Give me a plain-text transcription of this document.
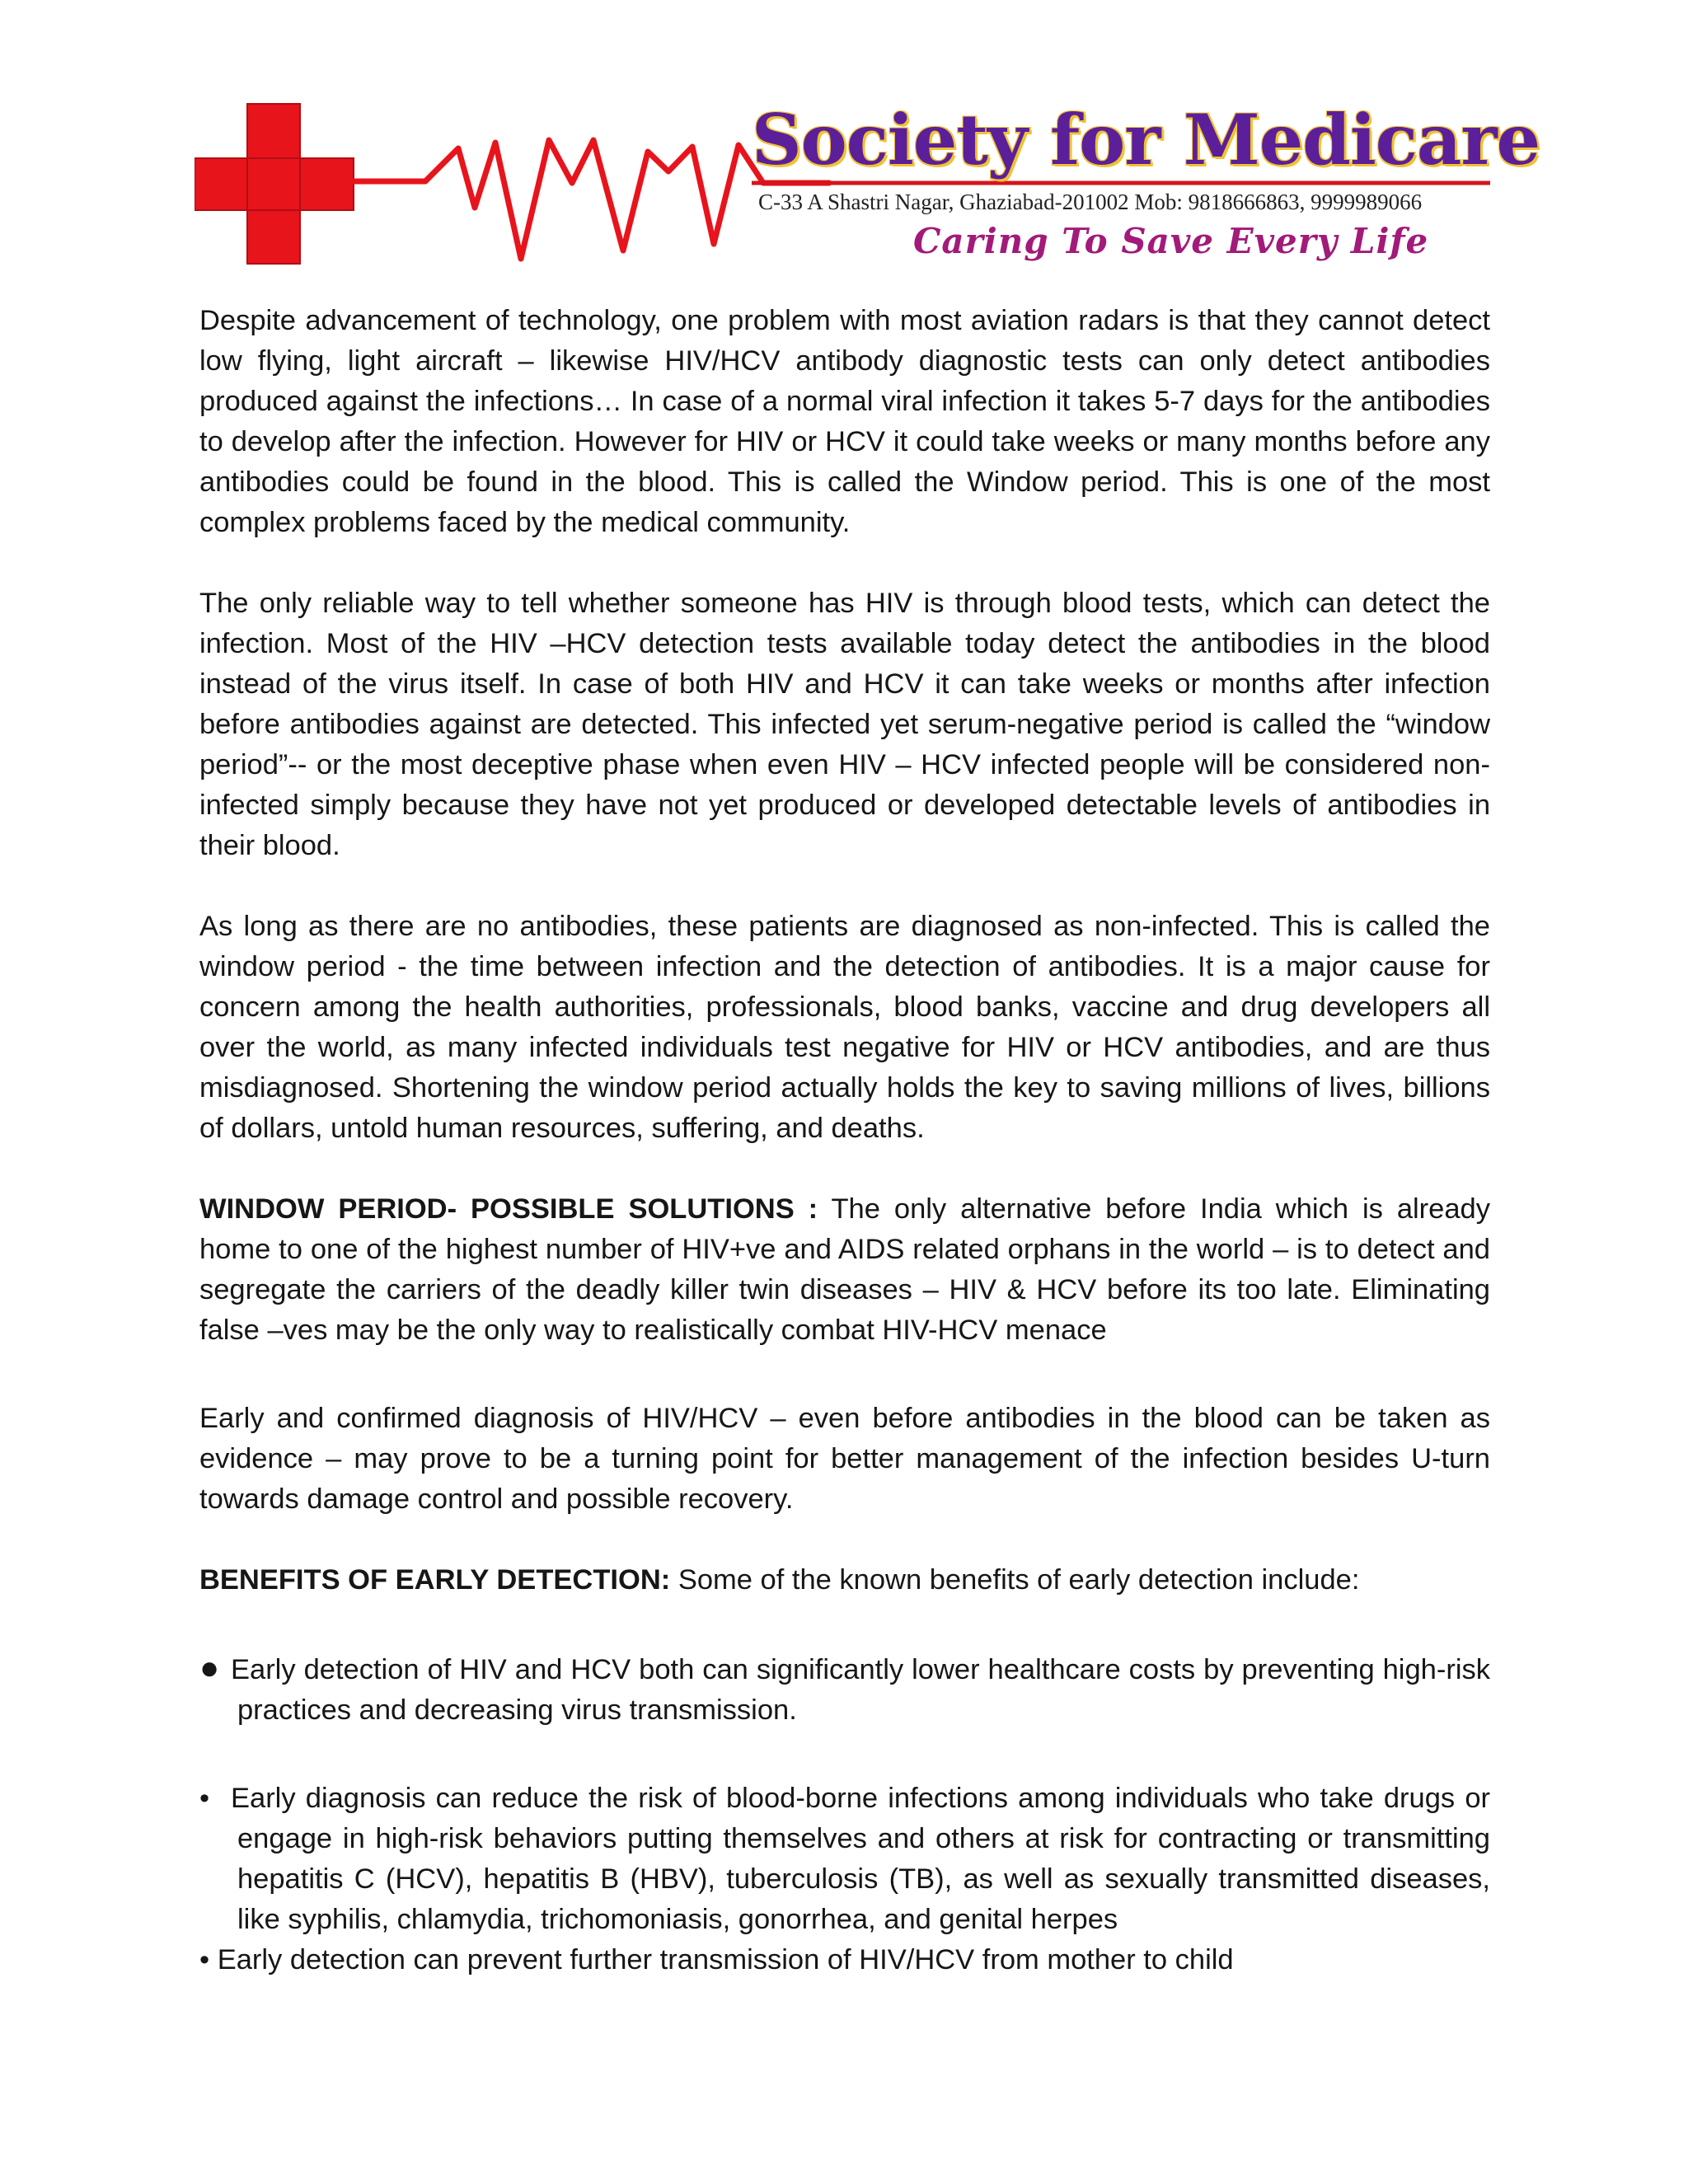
Society for Medicare
C-33 A Shastri Nagar, Ghaziabad-201002 Mob: 9818666863, 9999989066
Caring To Save Every Life

Despite advancement of technology, one problem with most aviation radars is that they cannot detect low flying, light aircraft – likewise HIV/HCV antibody diagnostic tests can only detect antibodies produced against the infections… In case of a normal viral infection it takes 5-7 days for the antibodies to develop after the infection. However for HIV or HCV it could take weeks or many months before any antibodies could be found in the blood. This is called the Window period. This is one of the most complex problems faced by the medical community.

The only reliable way to tell whether someone has HIV is through blood tests, which can detect the infection. Most of the HIV –HCV detection tests available today detect the antibodies in the blood instead of the virus itself. In case of both HIV and HCV it can take weeks or months after infection before antibodies against are detected. This infected yet serum-negative period is called the “window period”-- or the most deceptive phase when even HIV – HCV infected people will be considered non-infected simply because they have not yet produced or developed detectable levels of antibodies in their blood.

As long as there are no antibodies, these patients are diagnosed as non-infected. This is called the window period - the time between infection and the detection of antibodies. It is a major cause for concern among the health authorities, professionals, blood banks, vaccine and drug developers all over the world, as many infected individuals test negative for HIV or HCV antibodies, and are thus misdiagnosed. Shortening the window period actually holds the key to saving millions of lives, billions of dollars, untold human resources, suffering, and deaths.

WINDOW PERIOD- POSSIBLE SOLUTIONS : The only alternative before India which is already home to one of the highest number of HIV+ve and AIDS related orphans in the world – is to detect and segregate the carriers of the deadly killer twin diseases – HIV & HCV before its too late. Eliminating false –ves may be the only way to realistically combat HIV-HCV menace

Early and confirmed diagnosis of HIV/HCV – even before antibodies in the blood can be taken as evidence – may prove to be a turning point for better management of the infection besides U-turn towards damage control and possible recovery.

BENEFITS OF EARLY DETECTION: Some of the known benefits of early detection include:

● Early detection of HIV and HCV both can significantly lower healthcare costs by preventing high-risk practices and decreasing virus transmission.

• Early diagnosis can reduce the risk of blood-borne infections among individuals who take drugs or engage in high-risk behaviors putting themselves and others at risk for contracting or transmitting hepatitis C (HCV), hepatitis B (HBV), tuberculosis (TB), as well as sexually transmitted diseases, like syphilis, chlamydia, trichomoniasis, gonorrhea, and genital herpes

• Early detection can prevent further transmission of HIV/HCV from mother to child
